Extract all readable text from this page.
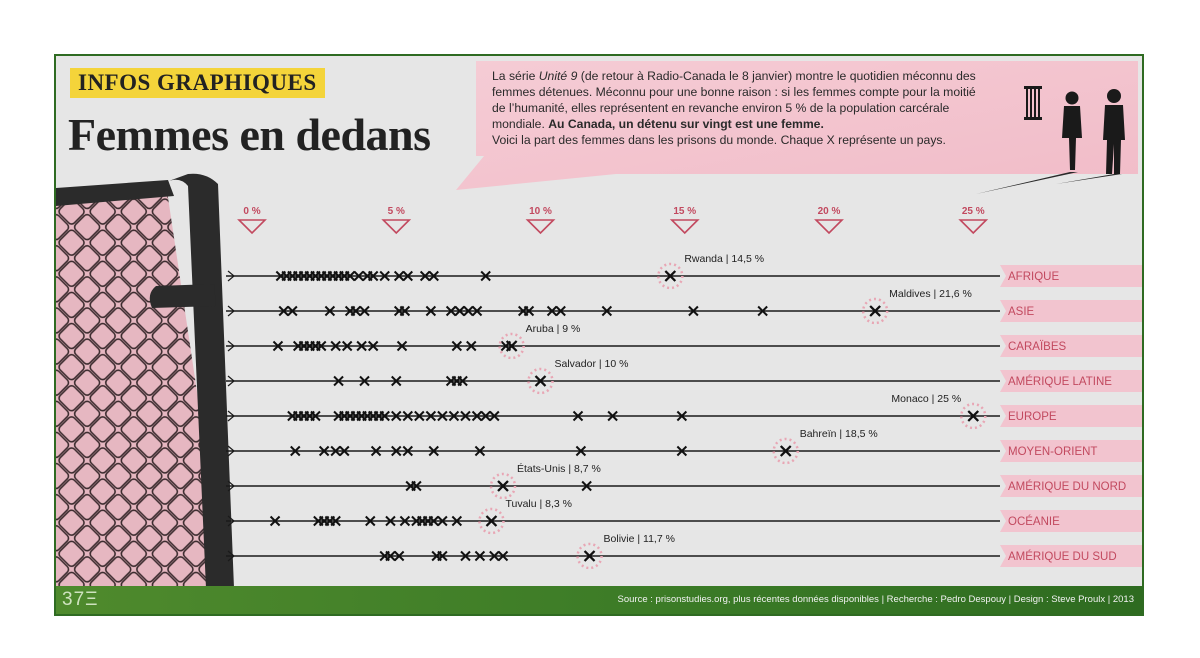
0 %	5 %	10 %	15 %	20 %	25 %
AFRIQUE
Rwanda | 14,5 %
ASIE
Maldives | 21,6 %
CARAÏBES
Aruba | 9 %
AMÉRIQUE LATINE
Salvador | 10 %
EUROPE
Monaco | 25 %
MOYEN-ORIENT
Bahreïn | 18,5 %
AMÉRIQUE DU NORD
États-Unis | 8,7 %
OCÉANIE
Tuvalu | 8,3 %
AMÉRIQUE DU SUD
Bolivie | 11,7 %
INFOS GRAPHIQUES
Femmes en dedans
La série Unité 9 (de retour à Radio-Canada le 8 janvier) montre le quotidien méconnu des femmes détenues. Méconnu pour une bonne raison : si les femmes compte pour la moitié de l’humanité, elles représentent en revanche environ 5 % de la population carcérale mondiale. Au Canada, un détenu sur vingt est une femme.
Voici la part des femmes dans les prisons du monde. Chaque X représente un pays.
37Ξ	Source : prisonstudies.org, plus récentes données disponibles | Recherche : Pedro Despouy | Design : Steve Proulx | 2013
